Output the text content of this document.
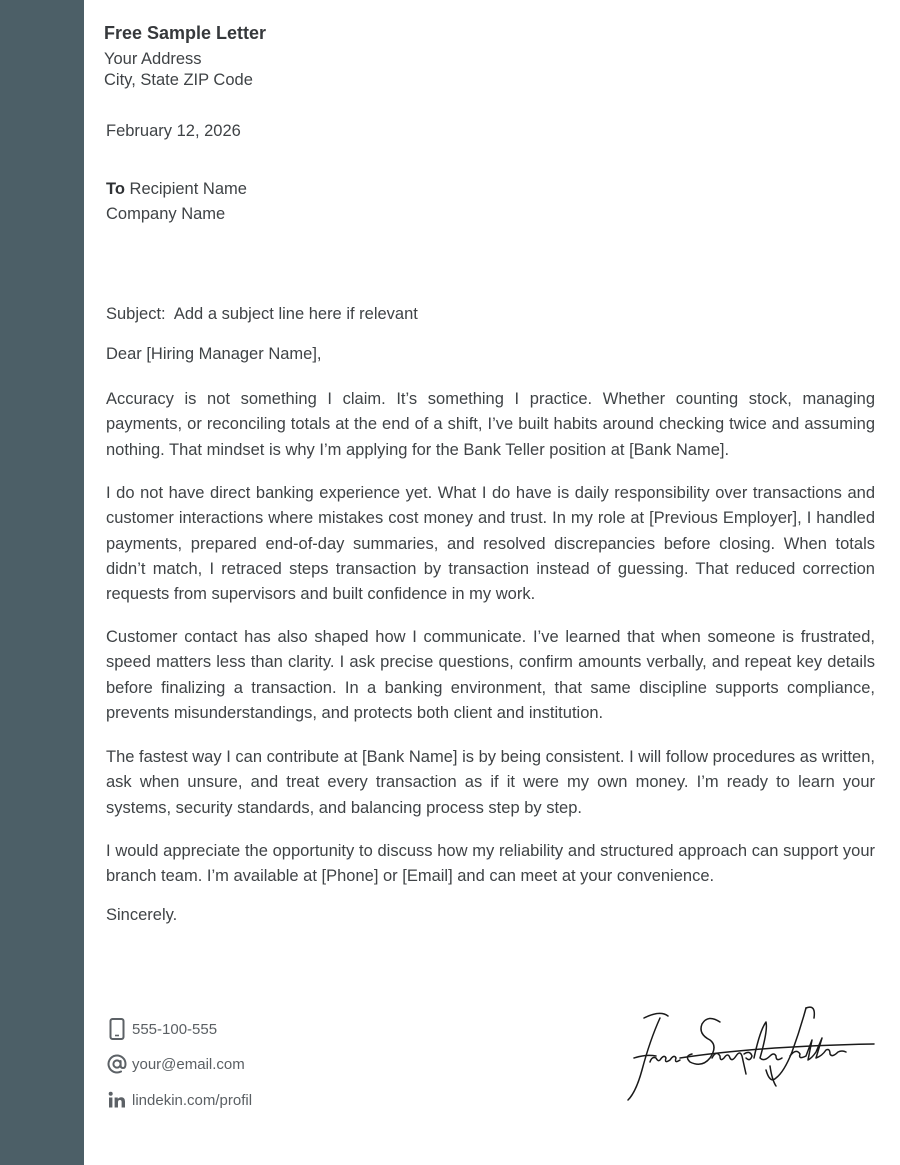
Free Sample Letter
Your Address
City, State ZIP Code
February 12, 2026
To Recipient Name
Company Name
Subject:  Add a subject line here if relevant
Dear [Hiring Manager Name],

Accuracy is not something I claim. It’s something I practice. Whether counting stock, managing payments, or reconciling totals at the end of a shift, I’ve built habits around checking twice and assuming nothing. That mindset is why I’m applying for the Bank Teller position at [Bank Name].

I do not have direct banking experience yet. What I do have is daily responsibility over transactions and customer interactions where mistakes cost money and trust. In my role at [Previous Employer], I handled payments, prepared end-of-day summaries, and resolved discrepancies before closing. When totals didn’t match, I retraced steps transaction by transaction instead of guessing. That reduced correction requests from supervisors and built confidence in my work.

Customer contact has also shaped how I communicate. I’ve learned that when someone is frustrated, speed matters less than clarity. I ask precise questions, confirm amounts verbally, and repeat key details before finalizing a transaction. In a banking environment, that same discipline supports compliance, prevents misunderstandings, and protects both client and institution.

The fastest way I can contribute at [Bank Name] is by being consistent. I will follow procedures as written, ask when unsure, and treat every transaction as if it were my own money. I’m ready to learn your systems, security standards, and balancing process step by step.

I would appreciate the opportunity to discuss how my reliability and structured approach can support your branch team. I’m available at [Phone] or [Email] and can meet at your convenience.

Sincerely.
555-100-555
your@email.com
lindekin.com/profil
